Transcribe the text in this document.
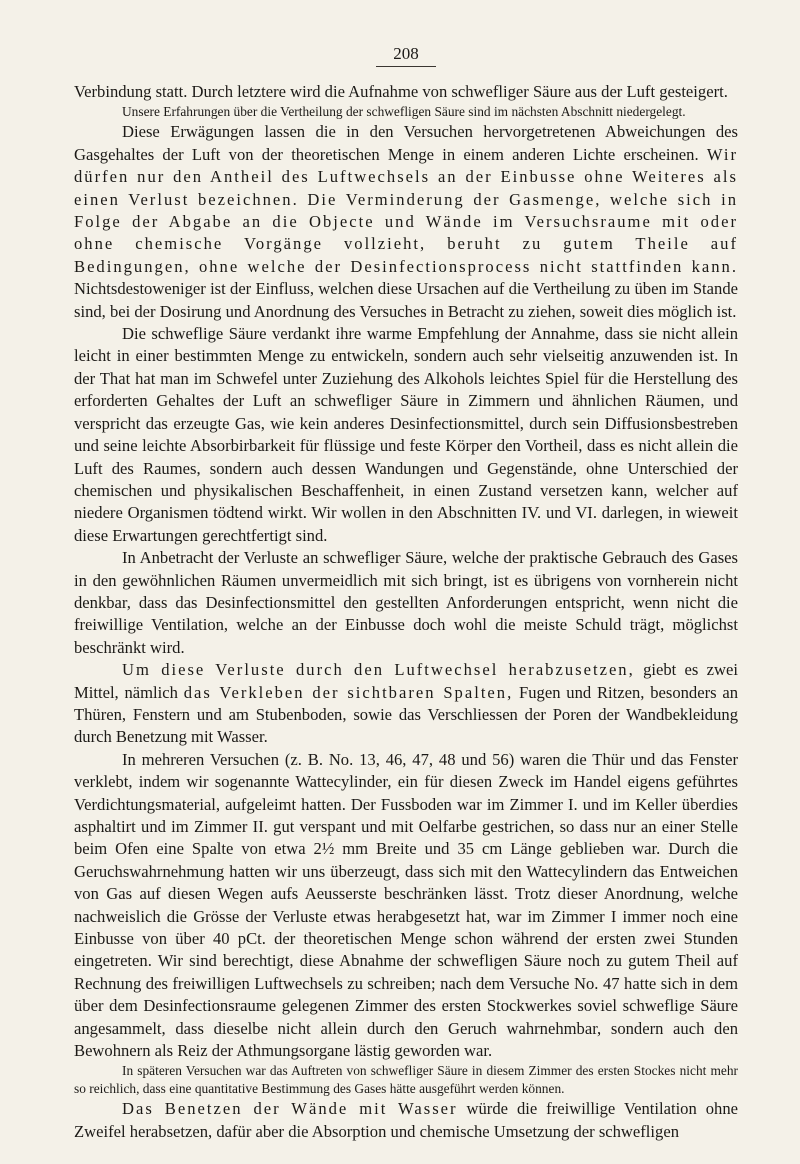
208

Verbindung statt. Durch letztere wird die Aufnahme von schwefliger Säure aus der Luft gesteigert.

Unsere Erfahrungen über die Vertheilung der schwefligen Säure sind im nächsten Abschnitt niedergelegt.

Diese Erwägungen lassen die in den Versuchen hervorgetretenen Abweichungen des Gasgehaltes der Luft von der theoretischen Menge in einem anderen Lichte erscheinen. Wir dürfen nur den Antheil des Luftwechsels an der Einbusse ohne Weiteres als einen Verlust bezeichnen. Die Verminderung der Gasmenge, welche sich in Folge der Abgabe an die Objecte und Wände im Versuchsraume mit oder ohne chemische Vorgänge vollzieht, beruht zu gutem Theile auf Bedingungen, ohne welche der Desinfectionsprocess nicht stattfinden kann. Nichtsdestoweniger ist der Einfluss, welchen diese Ursachen auf die Vertheilung zu üben im Stande sind, bei der Dosirung und Anordnung des Versuches in Betracht zu ziehen, soweit dies möglich ist.

Die schweflige Säure verdankt ihre warme Empfehlung der Annahme, dass sie nicht allein leicht in einer bestimmten Menge zu entwickeln, sondern auch sehr vielseitig anzuwenden ist. In der That hat man im Schwefel unter Zuziehung des Alkohols leichtes Spiel für die Herstellung des erforderten Gehaltes der Luft an schwefliger Säure in Zimmern und ähnlichen Räumen, und verspricht das erzeugte Gas, wie kein anderes Desinfectionsmittel, durch sein Diffusionsbestreben und seine leichte Absorbirbarkeit für flüssige und feste Körper den Vortheil, dass es nicht allein die Luft des Raumes, sondern auch dessen Wandungen und Gegenstände, ohne Unterschied der chemischen und physikalischen Beschaffenheit, in einen Zustand versetzen kann, welcher auf niedere Organismen tödtend wirkt. Wir wollen in den Abschnitten IV. und VI. darlegen, in wieweit diese Erwartungen gerechtfertigt sind.

In Anbetracht der Verluste an schwefliger Säure, welche der praktische Gebrauch des Gases in den gewöhnlichen Räumen unvermeidlich mit sich bringt, ist es übrigens von vornherein nicht denkbar, dass das Desinfectionsmittel den gestellten Anforderungen entspricht, wenn nicht die freiwillige Ventilation, welche an der Einbusse doch wohl die meiste Schuld trägt, möglichst beschränkt wird.

Um diese Verluste durch den Luftwechsel herabzusetzen, giebt es zwei Mittel, nämlich das Verkleben der sichtbaren Spalten, Fugen und Ritzen, besonders an Thüren, Fenstern und am Stubenboden, sowie das Verschliessen der Poren der Wandbekleidung durch Benetzung mit Wasser.

In mehreren Versuchen (z. B. No. 13, 46, 47, 48 und 56) waren die Thür und das Fenster verklebt, indem wir sogenannte Wattecylinder, ein für diesen Zweck im Handel eigens geführtes Verdichtungsmaterial, aufgeleimt hatten. Der Fussboden war im Zimmer I. und im Keller überdies asphaltirt und im Zimmer II. gut verspant und mit Oelfarbe gestrichen, so dass nur an einer Stelle beim Ofen eine Spalte von etwa 2½ mm Breite und 35 cm Länge geblieben war. Durch die Geruchswahrnehmung hatten wir uns überzeugt, dass sich mit den Wattecylindern das Entweichen von Gas auf diesen Wegen aufs Aeusserste beschränken lässt. Trotz dieser Anordnung, welche nachweislich die Grösse der Verluste etwas herabgesetzt hat, war im Zimmer I immer noch eine Einbusse von über 40 pCt. der theoretischen Menge schon während der ersten zwei Stunden eingetreten. Wir sind berechtigt, diese Abnahme der schwefligen Säure noch zu gutem Theil auf Rechnung des freiwilligen Luftwechsels zu schreiben; nach dem Versuche No. 47 hatte sich in dem über dem Desinfectionsraume gelegenen Zimmer des ersten Stockwerkes soviel schweflige Säure angesammelt, dass dieselbe nicht allein durch den Geruch wahrnehmbar, sondern auch den Bewohnern als Reiz der Athmungsorgane lästig geworden war.

In späteren Versuchen war das Auftreten von schwefliger Säure in diesem Zimmer des ersten Stockes nicht mehr so reichlich, dass eine quantitative Bestimmung des Gases hätte ausgeführt werden können.

Das Benetzen der Wände mit Wasser würde die freiwillige Ventilation ohne Zweifel herabsetzen, dafür aber die Absorption und chemische Umsetzung der schwefligen
